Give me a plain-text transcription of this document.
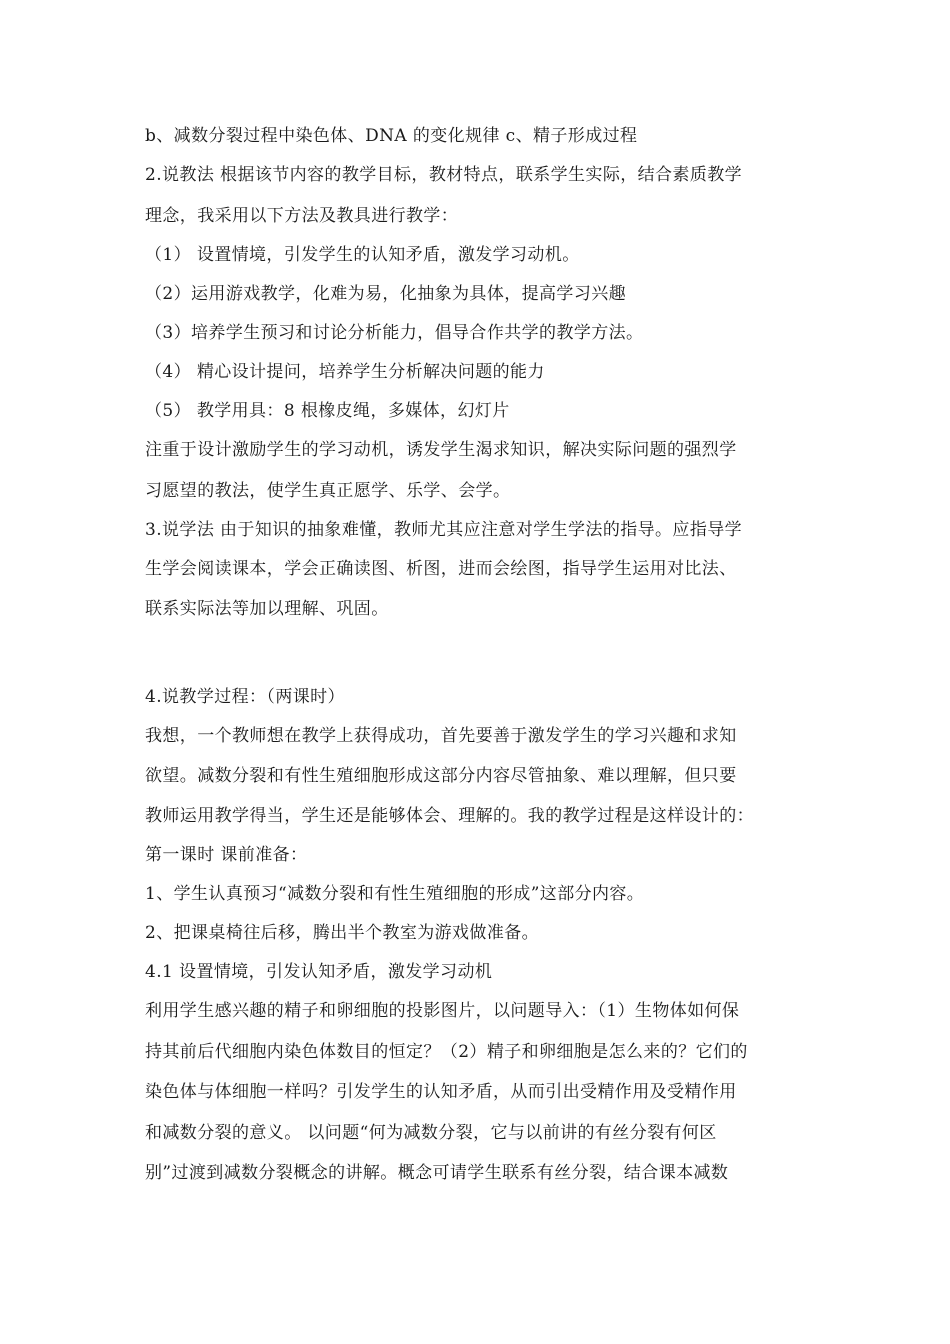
b、减数分裂过程中染色体、DNA 的变化规律 c、精子形成过程
2.说教法 根据该节内容的教学目标，教材特点，联系学生实际，结合素质教学
理念，我采用以下方法及教具进行教学：
（1） 设置情境，引发学生的认知矛盾，激发学习动机。
（2）运用游戏教学，化难为易，化抽象为具体，提高学习兴趣
（3）培养学生预习和讨论分析能力，倡导合作共学的教学方法。
（4） 精心设计提问，培养学生分析解决问题的能力
（5） 教学用具：8 根橡皮绳，多媒体，幻灯片
注重于设计激励学生的学习动机，诱发学生渴求知识，解决实际问题的强烈学
习愿望的教法，使学生真正愿学、乐学、会学。
3.说学法 由于知识的抽象难懂，教师尤其应注意对学生学法的指导。应指导学
生学会阅读课本，学会正确读图、析图，进而会绘图，指导学生运用对比法、
联系实际法等加以理解、巩固。
4.说教学过程：（两课时）
我想，一个教师想在教学上获得成功，首先要善于激发学生的学习兴趣和求知
欲望。减数分裂和有性生殖细胞形成这部分内容尽管抽象、难以理解，但只要
教师运用教学得当，学生还是能够体会、理解的。我的教学过程是这样设计的：
第一课时 课前准备：
1、学生认真预习“减数分裂和有性生殖细胞的形成”这部分内容。
2、把课桌椅往后移，腾出半个教室为游戏做准备。
4.1 设置情境，引发认知矛盾，激发学习动机
利用学生感兴趣的精子和卵细胞的投影图片，以问题导入：（1）生物体如何保
持其前后代细胞内染色体数目的恒定？（2）精子和卵细胞是怎么来的？它们的
染色体与体细胞一样吗？引发学生的认知矛盾，从而引出受精作用及受精作用
和减数分裂的意义。 以问题“何为减数分裂，它与以前讲的有丝分裂有何区
别”过渡到减数分裂概念的讲解。概念可请学生联系有丝分裂，结合课本减数
